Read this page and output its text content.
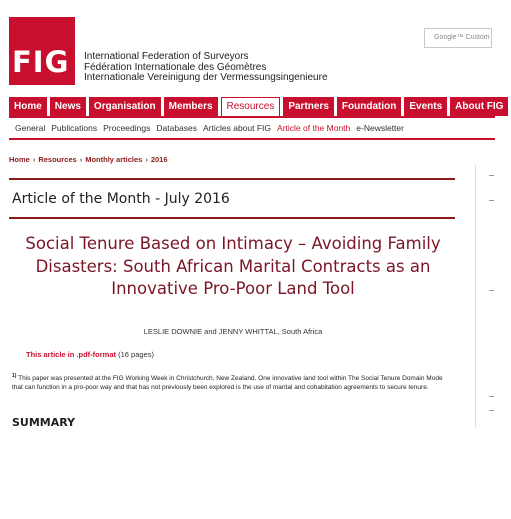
FIG International Federation of Surveyors
Fédération Internationale des Géomètres
Internationale Vereinigung der Vermessungsingenieure
Google™ Custom
Home	News	Organisation	Members	Resources	Partners	Foundation	Events	About FIG
General Publications Proceedings Databases Articles about FIG Article of the Month e-Newsletter
Home › Resources › Monthly articles › 2016
Article of the Month - July 2016
Social Tenure Based on Intimacy – Avoiding Family Disasters: South African Marital Contracts as an Innovative Pro-Poor Land Tool
LESLIE DOWNIE and JENNY WHITTAL, South Africa
This article in .pdf-format (16 pages)
$^{1)}$ This paper was presented at the FIG Working Week in Christchurch, New Zealand. One innovative land tool within The Social Tenure Domain Mode that can function in a pro-poor way and that has not previously been explored is the use of marital and cohabitation agreements to secure tenure.
SUMMARY
